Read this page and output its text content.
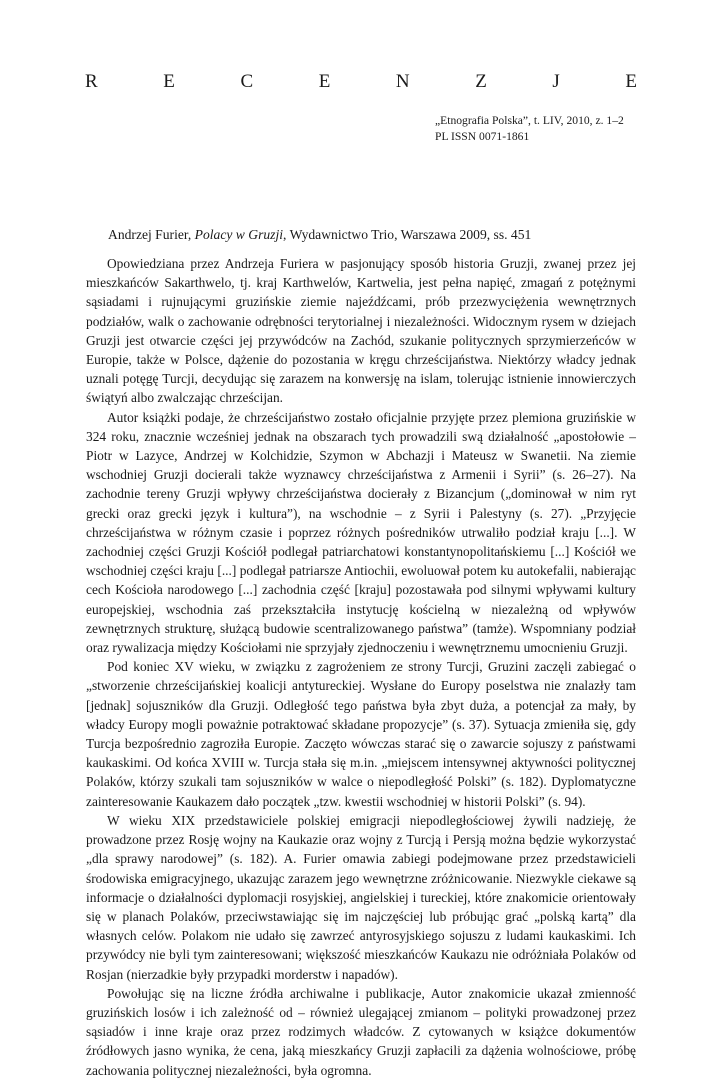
R	E	C	E	N	Z	J	E
„Etnografia Polska”, t. LIV, 2010, z. 1–2
PL ISSN 0071-1861
Andrzej Furier, Polacy w Gruzji, Wydawnictwo Trio, Warszawa 2009, ss. 451

Opowiedziana przez Andrzeja Furiera w pasjonujący sposób historia Gruzji, zwanej przez jej mieszkańców Sakarthwelo, tj. kraj Karthwelów, Kartwelia, jest pełna napięć, zmagań z potężnymi sąsiadami i rujnującymi gruzińskie ziemie najeźdźcami, prób przezwyciężenia wewnętrznych podziałów, walk o zachowanie odrębności terytorialnej i niezależności. Widocznym rysem w dziejach Gruzji jest otwarcie części jej przywódców na Zachód, szukanie politycznych sprzymierzeńców w Europie, także w Polsce, dążenie do pozostania w kręgu chrześcijaństwa. Niektórzy władcy jednak uznali potęgę Turcji, decydując się zarazem na konwersję na islam, tolerując istnienie innowierczych świątyń albo zwalczając chrześcijan.

Autor książki podaje, że chrześcijaństwo zostało oficjalnie przyjęte przez plemiona gruzińskie w 324 roku, znacznie wcześniej jednak na obszarach tych prowadzili swą działalność „apostołowie – Piotr w Lazyce, Andrzej w Kolchidzie, Szymon w Abchazji i Mateusz w Swanetii. Na ziemie wschodniej Gruzji docierali także wyznawcy chrześcijaństwa z Armenii i Syrii” (s. 26–27). Na zachodnie tereny Gruzji wpływy chrześcijaństwa docierały z Bizancjum („dominował w nim ryt grecki oraz grecki język i kultura”), na wschodnie – z Syrii i Palestyny (s. 27). „Przyjęcie chrześcijaństwa w różnym czasie i poprzez różnych pośredników utrwaliło podział kraju [...]. W zachodniej części Gruzji Kościół podlegał patriarchatowi konstantynopolitańskiemu [...] Kościół we wschodniej części kraju [...] podlegał patriarsze Antiochii, ewoluował potem ku autokefalii, nabierając cech Kościoła narodowego [...] zachodnia część [kraju] pozostawała pod silnymi wpływami kultury europejskiej, wschodnia zaś przekształciła instytucję kościelną w niezależną od wpływów zewnętrznych strukturę, służącą budowie scentralizowanego państwa” (tamże). Wspomniany podział oraz rywalizacja między Kościołami nie sprzyjały zjednoczeniu i wewnętrznemu umocnieniu Gruzji.

Pod koniec XV wieku, w związku z zagrożeniem ze strony Turcji, Gruzini zaczęli zabiegać o „stworzenie chrześcijańskiej koalicji antytureckiej. Wysłane do Europy poselstwa nie znalazły tam [jednak] sojuszników dla Gruzji. Odległość tego państwa była zbyt duża, a potencjał za mały, by władcy Europy mogli poważnie potraktować składane propozycje” (s. 37). Sytuacja zmieniła się, gdy Turcja bezpośrednio zagroziła Europie. Zaczęto wówczas starać się o zawarcie sojuszy z państwami kaukaskimi. Od końca XVIII w. Turcja stała się m.in. „miejscem intensywnej aktywności politycznej Polaków, którzy szukali tam sojuszników w walce o niepodległość Polski” (s. 182). Dyplomatyczne zainteresowanie Kaukazem dało początek „tzw. kwestii wschodniej w historii Polski” (s. 94).

W wieku XIX przedstawiciele polskiej emigracji niepodległościowej żywili nadzieję, że prowadzone przez Rosję wojny na Kaukazie oraz wojny z Turcją i Persją można będzie wykorzystać „dla sprawy narodowej” (s. 182). A. Furier omawia zabiegi podejmowane przez przedstawicieli środowiska emigracyjnego, ukazując zarazem jego wewnętrzne zróżnicowanie. Niezwykle ciekawe są informacje o działalności dyplomacji rosyjskiej, angielskiej i tureckiej, które znakomicie orientowały się w planach Polaków, przeciwstawiając się im najczęściej lub próbując grać „polską kartą” dla własnych celów. Polakom nie udało się zawrzeć antyrosyjskiego sojuszu z ludami kaukaskimi. Ich przywódcy nie byli tym zainteresowani; większość mieszkańców Kaukazu nie odróżniała Polaków od Rosjan (nierzadkie były przypadki morderstw i napadów).

Powołując się na liczne źródła archiwalne i publikacje, Autor znakomicie ukazał zmienność gruzińskich losów i ich zależność od – również ulegającej zmianom – polityki prowadzonej przez sąsiadów i inne kraje oraz przez rodzimych władców. Z cytowanych w książce dokumentów źródłowych jasno wynika, że cena, jaką mieszkańcy Gruzji zapłacili za dążenia wolnościowe, próbę zachowania politycznej niezależności, była ogromna.
